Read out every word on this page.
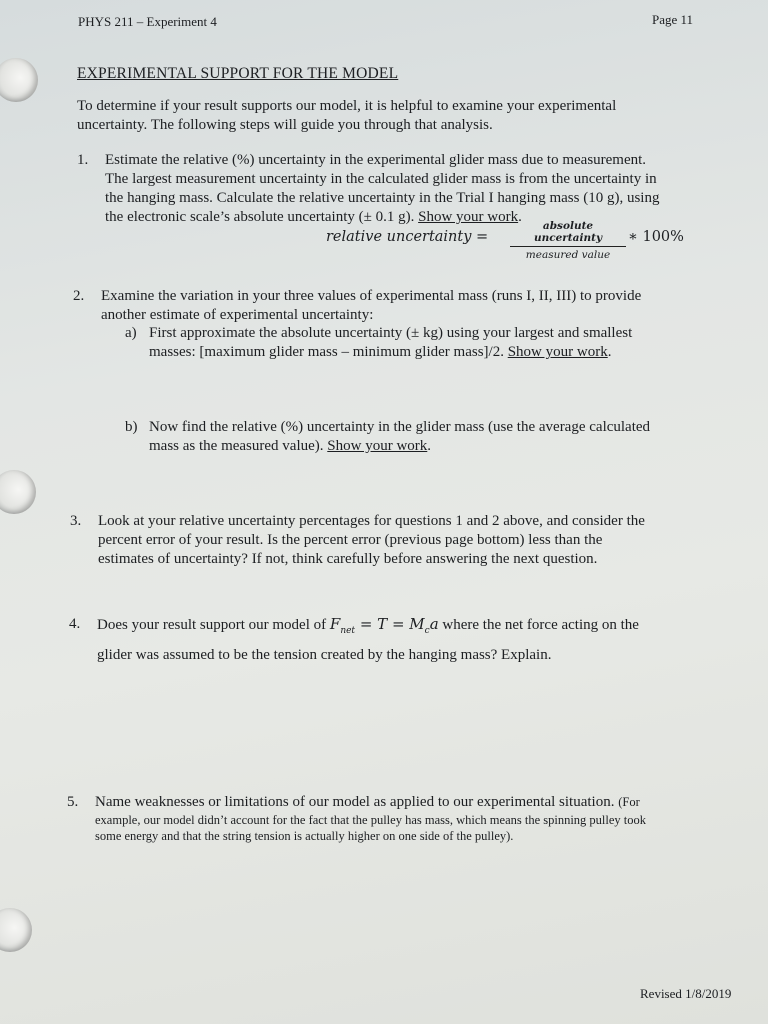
PHYS 211 – Experiment 4	Page 11
EXPERIMENTAL SUPPORT FOR THE MODEL
To determine if your result supports our model, it is helpful to examine your experimental
uncertainty. The following steps will guide you through that analysis.
1. Estimate the relative (%) uncertainty in the experimental glider mass due to measurement.
The largest measurement uncertainty in the calculated glider mass is from the uncertainty in
the hanging mass. Calculate the relative uncertainty in the Trial I hanging mass (10 g), using
the electronic scale’s absolute uncertainty (± 0.1 g). Show your work.
relative uncertainty =
absolute uncertainty
measured value
∗ 100%
2. Examine the variation in your three values of experimental mass (runs I, II, III) to provide
another estimate of experimental uncertainty:
a) First approximate the absolute uncertainty (± kg) using your largest and smallest
masses: [maximum glider mass – minimum glider mass]/2. Show your work.
b) Now find the relative (%) uncertainty in the glider mass (use the average calculated
mass as the measured value). Show your work.
3. Look at your relative uncertainty percentages for questions 1 and 2 above, and consider the
percent error of your result. Is the percent error (previous page bottom) less than the
estimates of uncertainty? If not, think carefully before answering the next question.
4. Does your result support our model of $F_{net} = T = M_ca$ where the net force acting on the
glider was assumed to be the tension created by the hanging mass? Explain.
5. Name weaknesses or limitations of our model as applied to our experimental situation. (For
example, our model didn’t account for the fact that the pulley has mass, which means the spinning pulley took
some energy and that the string tension is actually higher on one side of the pulley).
Revised 1/8/2019
